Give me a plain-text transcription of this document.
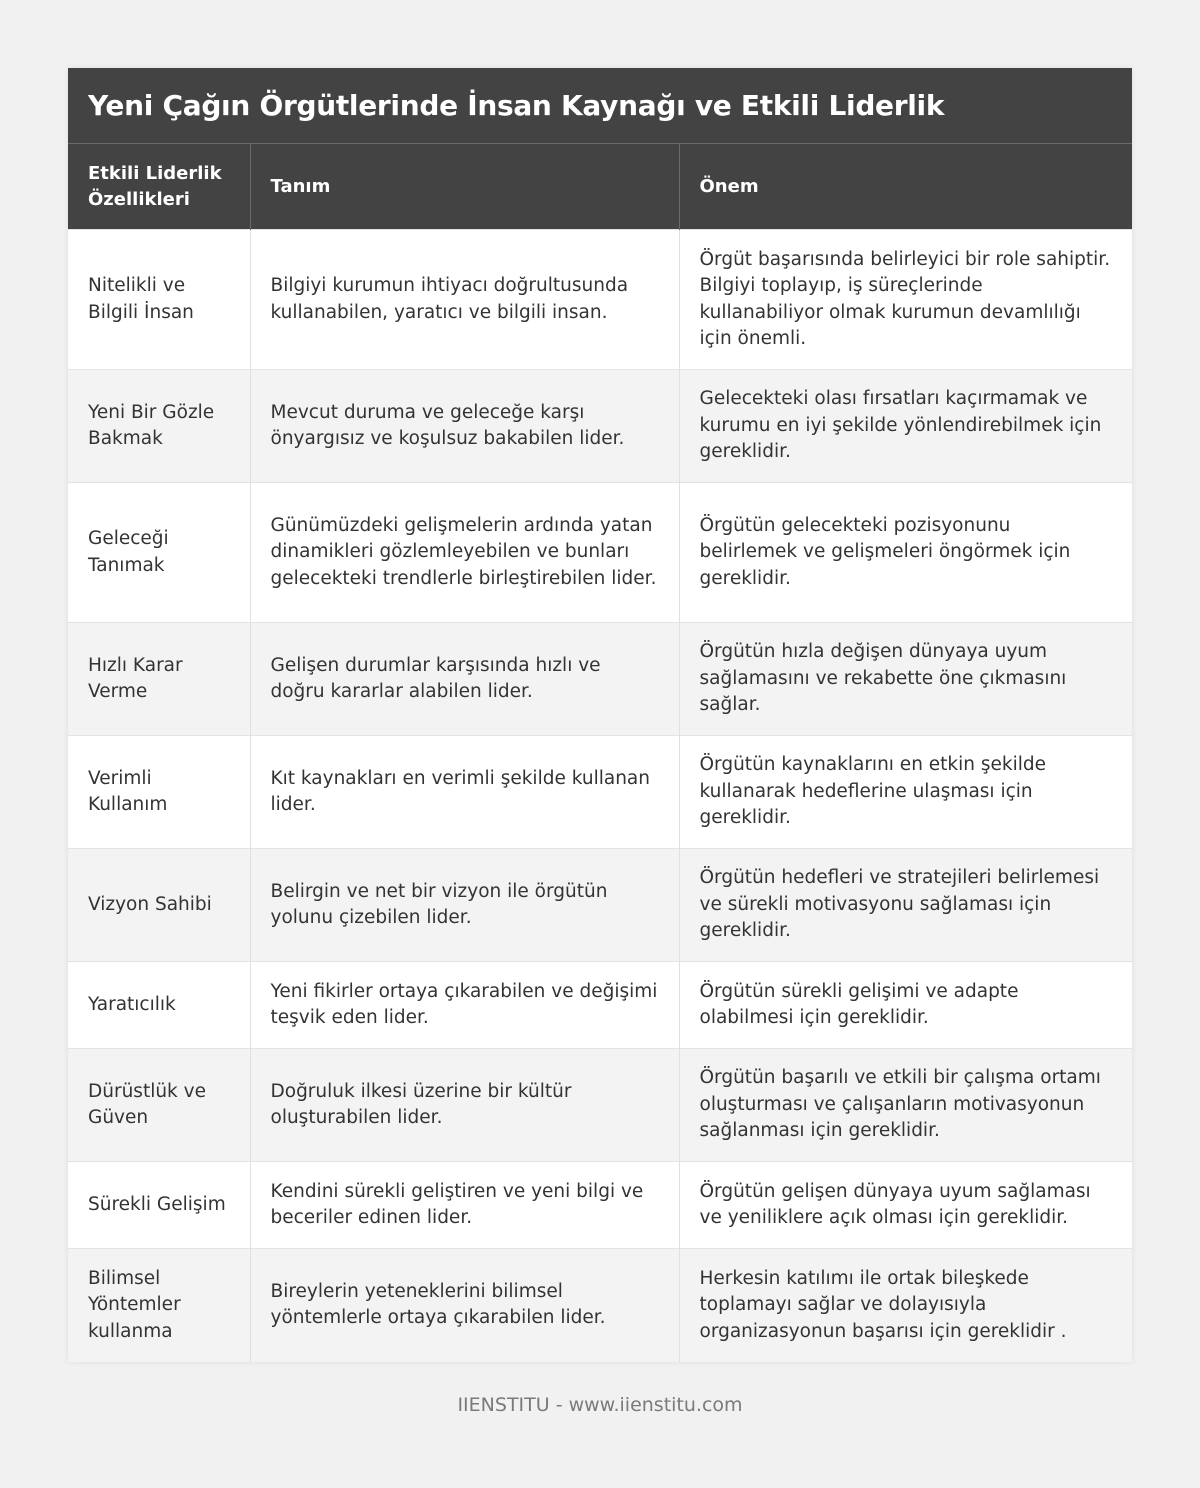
Yeni Çağın Örgütlerinde İnsan Kaynağı ve Etkili Liderlik
Etkili Liderlik Özellikleri	Tanım	Önem
Nitelikli ve Bilgili İnsan	Bilgiyi kurumun ihtiyacı doğrultusunda kullanabilen, yaratıcı ve bilgili insan.	Örgüt başarısında belirleyici bir role sahiptir. Bilgiyi toplayıp, iş süreçlerinde kullanabiliyor olmak kurumun devamlılığı için önemli.
Yeni Bir Gözle Bakmak	Mevcut duruma ve geleceğe karşı önyargısız ve koşulsuz bakabilen lider.	Gelecekteki olası fırsatları kaçırmamak ve kurumu en iyi şekilde yönlendirebilmek için gereklidir.
Geleceği Tanımak	Günümüzdeki gelişmelerin ardında yatan dinamikleri gözlemleyebilen ve bunları gelecekteki trendlerle birleştirebilen lider.	Örgütün gelecekteki pozisyonunu belirlemek ve gelişmeleri öngörmek için gereklidir.
Hızlı Karar Verme	Gelişen durumlar karşısında hızlı ve doğru kararlar alabilen lider.	Örgütün hızla değişen dünyaya uyum sağlamasını ve rekabette öne çıkmasını sağlar.
Verimli Kullanım	Kıt kaynakları en verimli şekilde kullanan lider.	Örgütün kaynaklarını en etkin şekilde kullanarak hedeflerine ulaşması için gereklidir.
Vizyon Sahibi	Belirgin ve net bir vizyon ile örgütün yolunu çizebilen lider.	Örgütün hedefleri ve stratejileri belirlemesi ve sürekli motivasyonu sağlaması için gereklidir.
Yaratıcılık	Yeni fikirler ortaya çıkarabilen ve değişimi teşvik eden lider.	Örgütün sürekli gelişimi ve adapte olabilmesi için gereklidir.
Dürüstlük ve Güven	Doğruluk ilkesi üzerine bir kültür oluşturabilen lider.	Örgütün başarılı ve etkili bir çalışma ortamı oluşturması ve çalışanların motivasyonun sağlanması için gereklidir.
Sürekli Gelişim	Kendini sürekli geliştiren ve yeni bilgi ve beceriler edinen lider.	Örgütün gelişen dünyaya uyum sağlaması ve yeniliklere açık olması için gereklidir.
Bilimsel Yöntemler kullanma	Bireylerin yeteneklerini bilimsel yöntemlerle ortaya çıkarabilen lider.	Herkesin katılımı ile ortak bileşkede toplamayı sağlar ve dolayısıyla organizasyonun başarısı için gereklidir .
IIENSTITU - www.iienstitu.com
